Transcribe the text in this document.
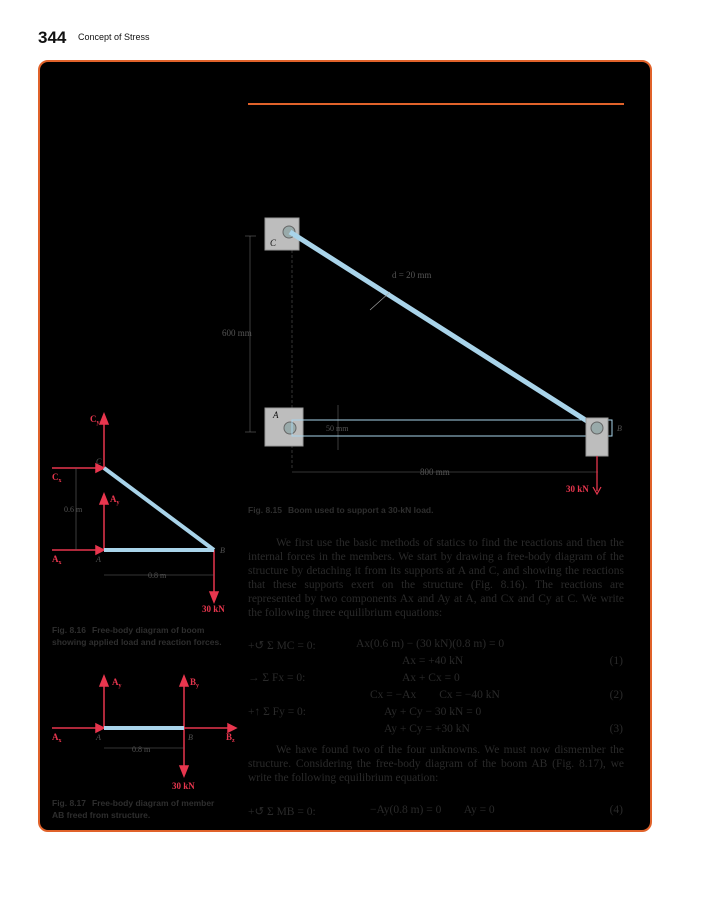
344 Concept of Stress
C
d = 20 mm
600 mm
A
50 mm
800 mm
B
30 kN
Fig. 8.15 Boom used to support a 30-kN load.
$C_y$
$C_x$
C
$A_y$
$A_x$	A
B
0.6 m
0.8 m
30 kN
Fig. 8.16 Free-body diagram of boom showing applied load and reaction forces.
$A_y$	$B_y$
$A_x$	$B_z$
A	B
0.8 m
30 kN
Fig. 8.17 Free-body diagram of member AB freed from structure.

We first use the basic methods of statics to find the reactions and then the internal forces in the members. We start by drawing a free-body diagram of the structure by detaching it from its supports at A and C, and showing the reactions that these supports exert on the structure (Fig. 8.16). The reactions are represented by two components Ax and Ay at A, and Cx and Cy at C. We write the following three equilibrium equations:

+↺ Σ MC = 0:	Ax(0.6 m) − (30 kN)(0.8 m) = 0
Ax = +40 kN	(1)
→ Σ Fx = 0:	Ax + Cx = 0
Cx = −Ax        Cx = −40 kN	(2)
+↑ Σ Fy = 0:	Ay + Cy − 30 kN = 0
Ay + Cy = +30 kN	(3)

We have found two of the four unknowns. We must now dismember the structure. Considering the free-body diagram of the boom AB (Fig. 8.17), we write the following equilibrium equation:

+↺ Σ MB = 0:	−Ay(0.8 m) = 0        Ay = 0	(4)
